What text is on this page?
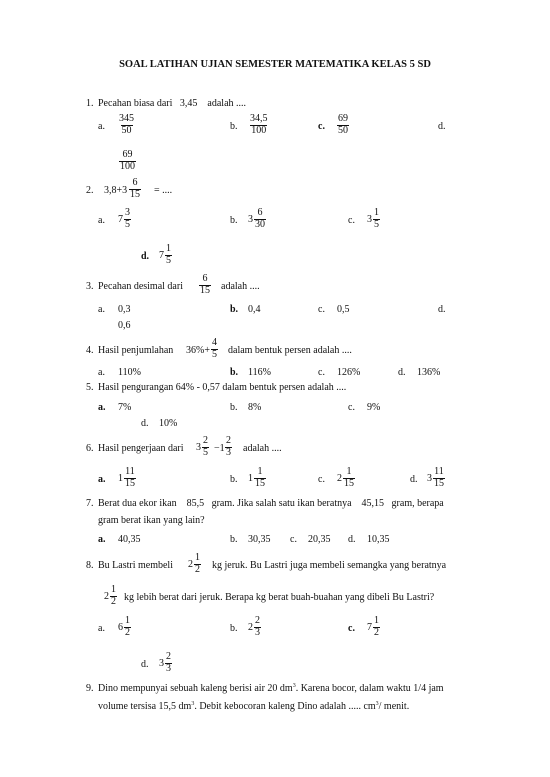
SOAL LATIHAN UJIAN SEMESTER MATEMATIKA KELAS 5 SD
1. Pecahan biasa dari 3,45 adalah ....
a. $\frac{345}{50}$	b. $\frac{34,5}{100}$	c. $\frac{69}{50}$	d.
$\frac{69}{100}$
2. $3,8+3 \frac{6}{15}$ = ....
a. $7 \frac{3}{5}$	b. $3 \frac{6}{30}$	c. $3 \frac{1}{5}$
d. $7 \frac{1}{5}$
3. Pecahan desimal dari $\frac{6}{15}$ adalah ....
a. 0,3	b. 0,4	c. 0,5	d.
0,6
4. Hasil penjumlahan $36\%+ \frac{4}{5}$ dalam bentuk persen adalah ....
a. 110%	b. 116%	c. 126%	d. 136%
5. Hasil pengurangan 64% - 0,57 dalam bentuk persen adalah ....
a. 7%	b. 8%	c. 9%
d. 10%
6. Hasil pengerjaan dari $3 \frac{2}{5} -1 \frac{2}{3}$ adalah ....
a. $1 \frac{11}{15}$	b. $1 \frac{1}{15}$	c. $2 \frac{1}{15}$	d. $3 \frac{11}{15}$
7. Berat dua ekor ikan 85,5 gram. Jika salah satu ikan beratnya 45,15 gram, berapa
gram berat ikan yang lain?
a. 40,35	b. 30,35 c. 20,35 d. 10,35
8. Bu Lastri membeli $2 \frac{1}{2}$ kg jeruk. Bu Lastri juga membeli semangka yang beratnya
$2 \frac{1}{2}$ kg lebih berat dari jeruk. Berapa kg berat buah-buahan yang dibeli Bu Lastri?
a. $6 \frac{1}{2}$	b. $2 \frac{2}{3}$	c. $7 \frac{1}{2}$
d. $3 \frac{2}{3}$
9. Dino mempunyai sebuah kaleng berisi air 20 $dm^3$. Karena bocor, dalam waktu 1/4 jam
volume tersisa 15,5 $dm^3$. Debit kebocoran kaleng Dino adalah ..... $cm^3/$ menit.
